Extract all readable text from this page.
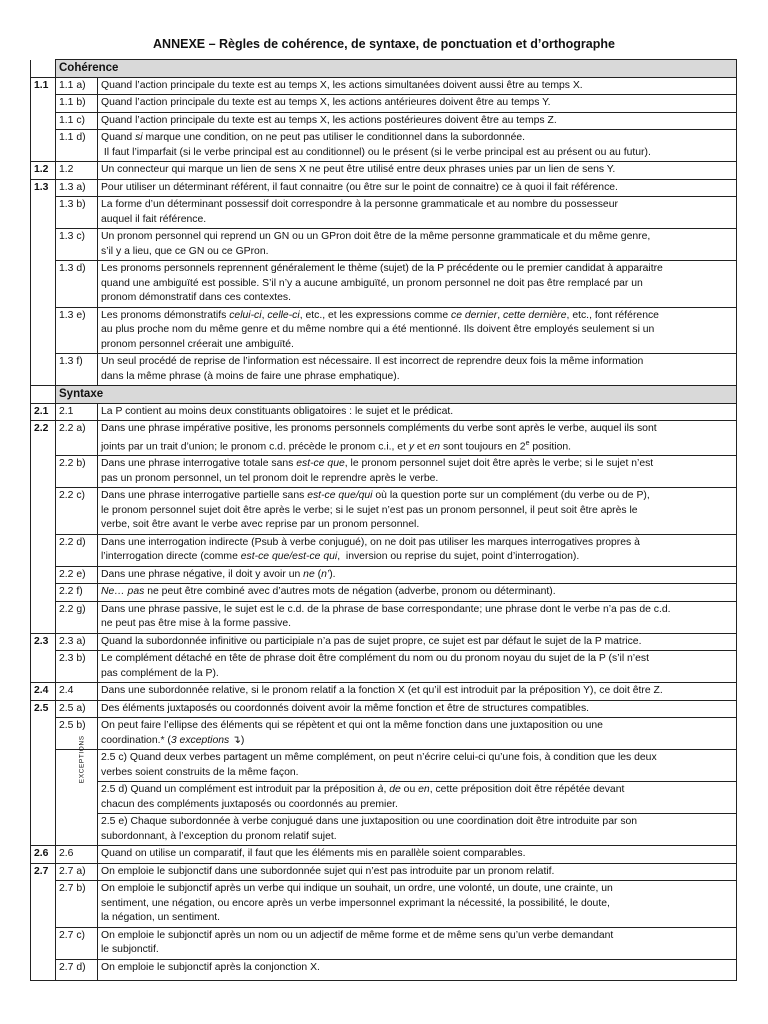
ANNEXE – Règles de cohérence, de syntaxe, de ponctuation et d’orthographe
	Cohérence	
1.1	1.1 a)	Quand l’action principale du texte est au temps X, les actions simultanées doivent aussi être au temps X.
	1.1 b)	Quand l’action principale du texte est au temps X, les actions antérieures doivent être au temps Y.
	1.1 c)	Quand l’action principale du texte est au temps X, les actions postérieures doivent être au temps Z.
	1.1 d)	Quand si marque une condition, on ne peut pas utiliser le conditionnel dans la subordonnée.
Il faut l’imparfait (si le verbe principal est au conditionnel) ou le présent (si le verbe principal est au présent ou au futur).
1.2	1.2	Un connecteur qui marque un lien de sens X ne peut être utilisé entre deux phrases unies par un lien de sens Y.
1.3	1.3 a)	Pour utiliser un déterminant référent, il faut connaitre (ou être sur le point de connaitre) ce à quoi il fait référence.
	1.3 b)	La forme d’un déterminant possessif doit correspondre à la personne grammaticale et au nombre du possesseur
auquel il fait référence.
	1.3 c)	Un pronom personnel qui reprend un GN ou un GPron doit être de la même personne grammaticale et du même genre,
s’il y a lieu, que ce GN ou ce GPron.
	1.3 d)	Les pronoms personnels reprennent généralement le thème (sujet) de la P précédente ou le premier candidat à apparaitre
quand une ambiguïté est possible. S’il n’y a aucune ambiguïté, un pronom personnel ne doit pas être remplacé par un
pronom démonstratif dans ces contextes.
	1.3 e)	Les pronoms démonstratifs celui-ci, celle-ci, etc., et les expressions comme ce dernier, cette dernière, etc., font référence
au plus proche nom du même genre et du même nombre qui a été mentionné. Ils doivent être employés seulement si un
pronom personnel créerait une ambiguïté.
	1.3 f)	Un seul procédé de reprise de l’information est nécessaire. Il est incorrect de reprendre deux fois la même information
dans la même phrase (à moins de faire une phrase emphatique).
	Syntaxe	
2.1	2.1	La P contient au moins deux constituants obligatoires : le sujet et le prédicat.
2.2	2.2 a)	Dans une phrase impérative positive, les pronoms personnels compléments du verbe sont après le verbe, auquel ils sont
joints par un trait d’union; le pronom c.d. précède le pronom c.i., et y et en sont toujours en 2e position.
	2.2 b)	Dans une phrase interrogative totale sans est-ce que, le pronom personnel sujet doit être après le verbe; si le sujet n’est
pas un pronom personnel, un tel pronom doit le reprendre après le verbe.
	2.2 c)	Dans une phrase interrogative partielle sans est-ce que/qui où la question porte sur un complément (du verbe ou de P),
le pronom personnel sujet doit être après le verbe; si le sujet n’est pas un pronom personnel, il peut soit être après le
verbe, soit être avant le verbe avec reprise par un pronom personnel.
	2.2 d)	Dans une interrogation indirecte (Psub à verbe conjugué), on ne doit pas utiliser les marques interrogatives propres à
l’interrogation directe (comme est-ce que/est-ce qui,  inversion ou reprise du sujet, point d’interrogation).
	2.2 e)	Dans une phrase négative, il doit y avoir un ne (n’).
	2.2 f)	Ne… pas ne peut être combiné avec d’autres mots de négation (adverbe, pronom ou déterminant).
	2.2 g)	Dans une phrase passive, le sujet est le c.d. de la phrase de base correspondante; une phrase dont le verbe n’a pas de c.d.
ne peut pas être mise à la forme passive.
2.3	2.3 a)	Quand la subordonnée infinitive ou participiale n’a pas de sujet propre, ce sujet est par défaut le sujet de la P matrice.
	2.3 b)	Le complément détaché en tête de phrase doit être complément du nom ou du pronom noyau du sujet de la P (s’il n’est
pas complément de la P).
2.4	2.4	Dans une subordonnée relative, si le pronom relatif a la fonction X (et qu’il est introduit par la préposition Y), ce doit être Z.
2.5	2.5 a)	Des éléments juxtaposés ou coordonnés doivent avoir la même fonction et être de structures compatibles.
	2.5 b)	On peut faire l’ellipse des éléments qui se répètent et qui ont la même fonction dans une juxtaposition ou une
coordination.* (3 exceptions ↴)
	EXCEPTIONS	2.5 c) Quand deux verbes partagent un même complément, on peut n’écrire celui-ci qu’une fois, à condition que les deux
verbes soient construits de la même façon.
		2.5 d) Quand un complément est introduit par la préposition à, de ou en, cette préposition doit être répétée devant
chacun des compléments juxtaposés ou coordonnés au premier.
		2.5 e) Chaque subordonnée à verbe conjugué dans une juxtaposition ou une coordination doit être introduite par son
subordonnant, à l’exception du pronom relatif sujet.
2.6	2.6	Quand on utilise un comparatif, il faut que les éléments mis en parallèle soient comparables.
2.7	2.7 a)	On emploie le subjonctif dans une subordonnée sujet qui n’est pas introduite par un pronom relatif.
	2.7 b)	On emploie le subjonctif après un verbe qui indique un souhait, un ordre, une volonté, un doute, une crainte, un
sentiment, une négation, ou encore après un verbe impersonnel exprimant la nécessité, la possibilité, le doute,
la négation, un sentiment.
	2.7 c)	On emploie le subjonctif après un nom ou un adjectif de même forme et de même sens qu’un verbe demandant
le subjonctif.
	2.7 d)	On emploie le subjonctif après la conjonction X.
